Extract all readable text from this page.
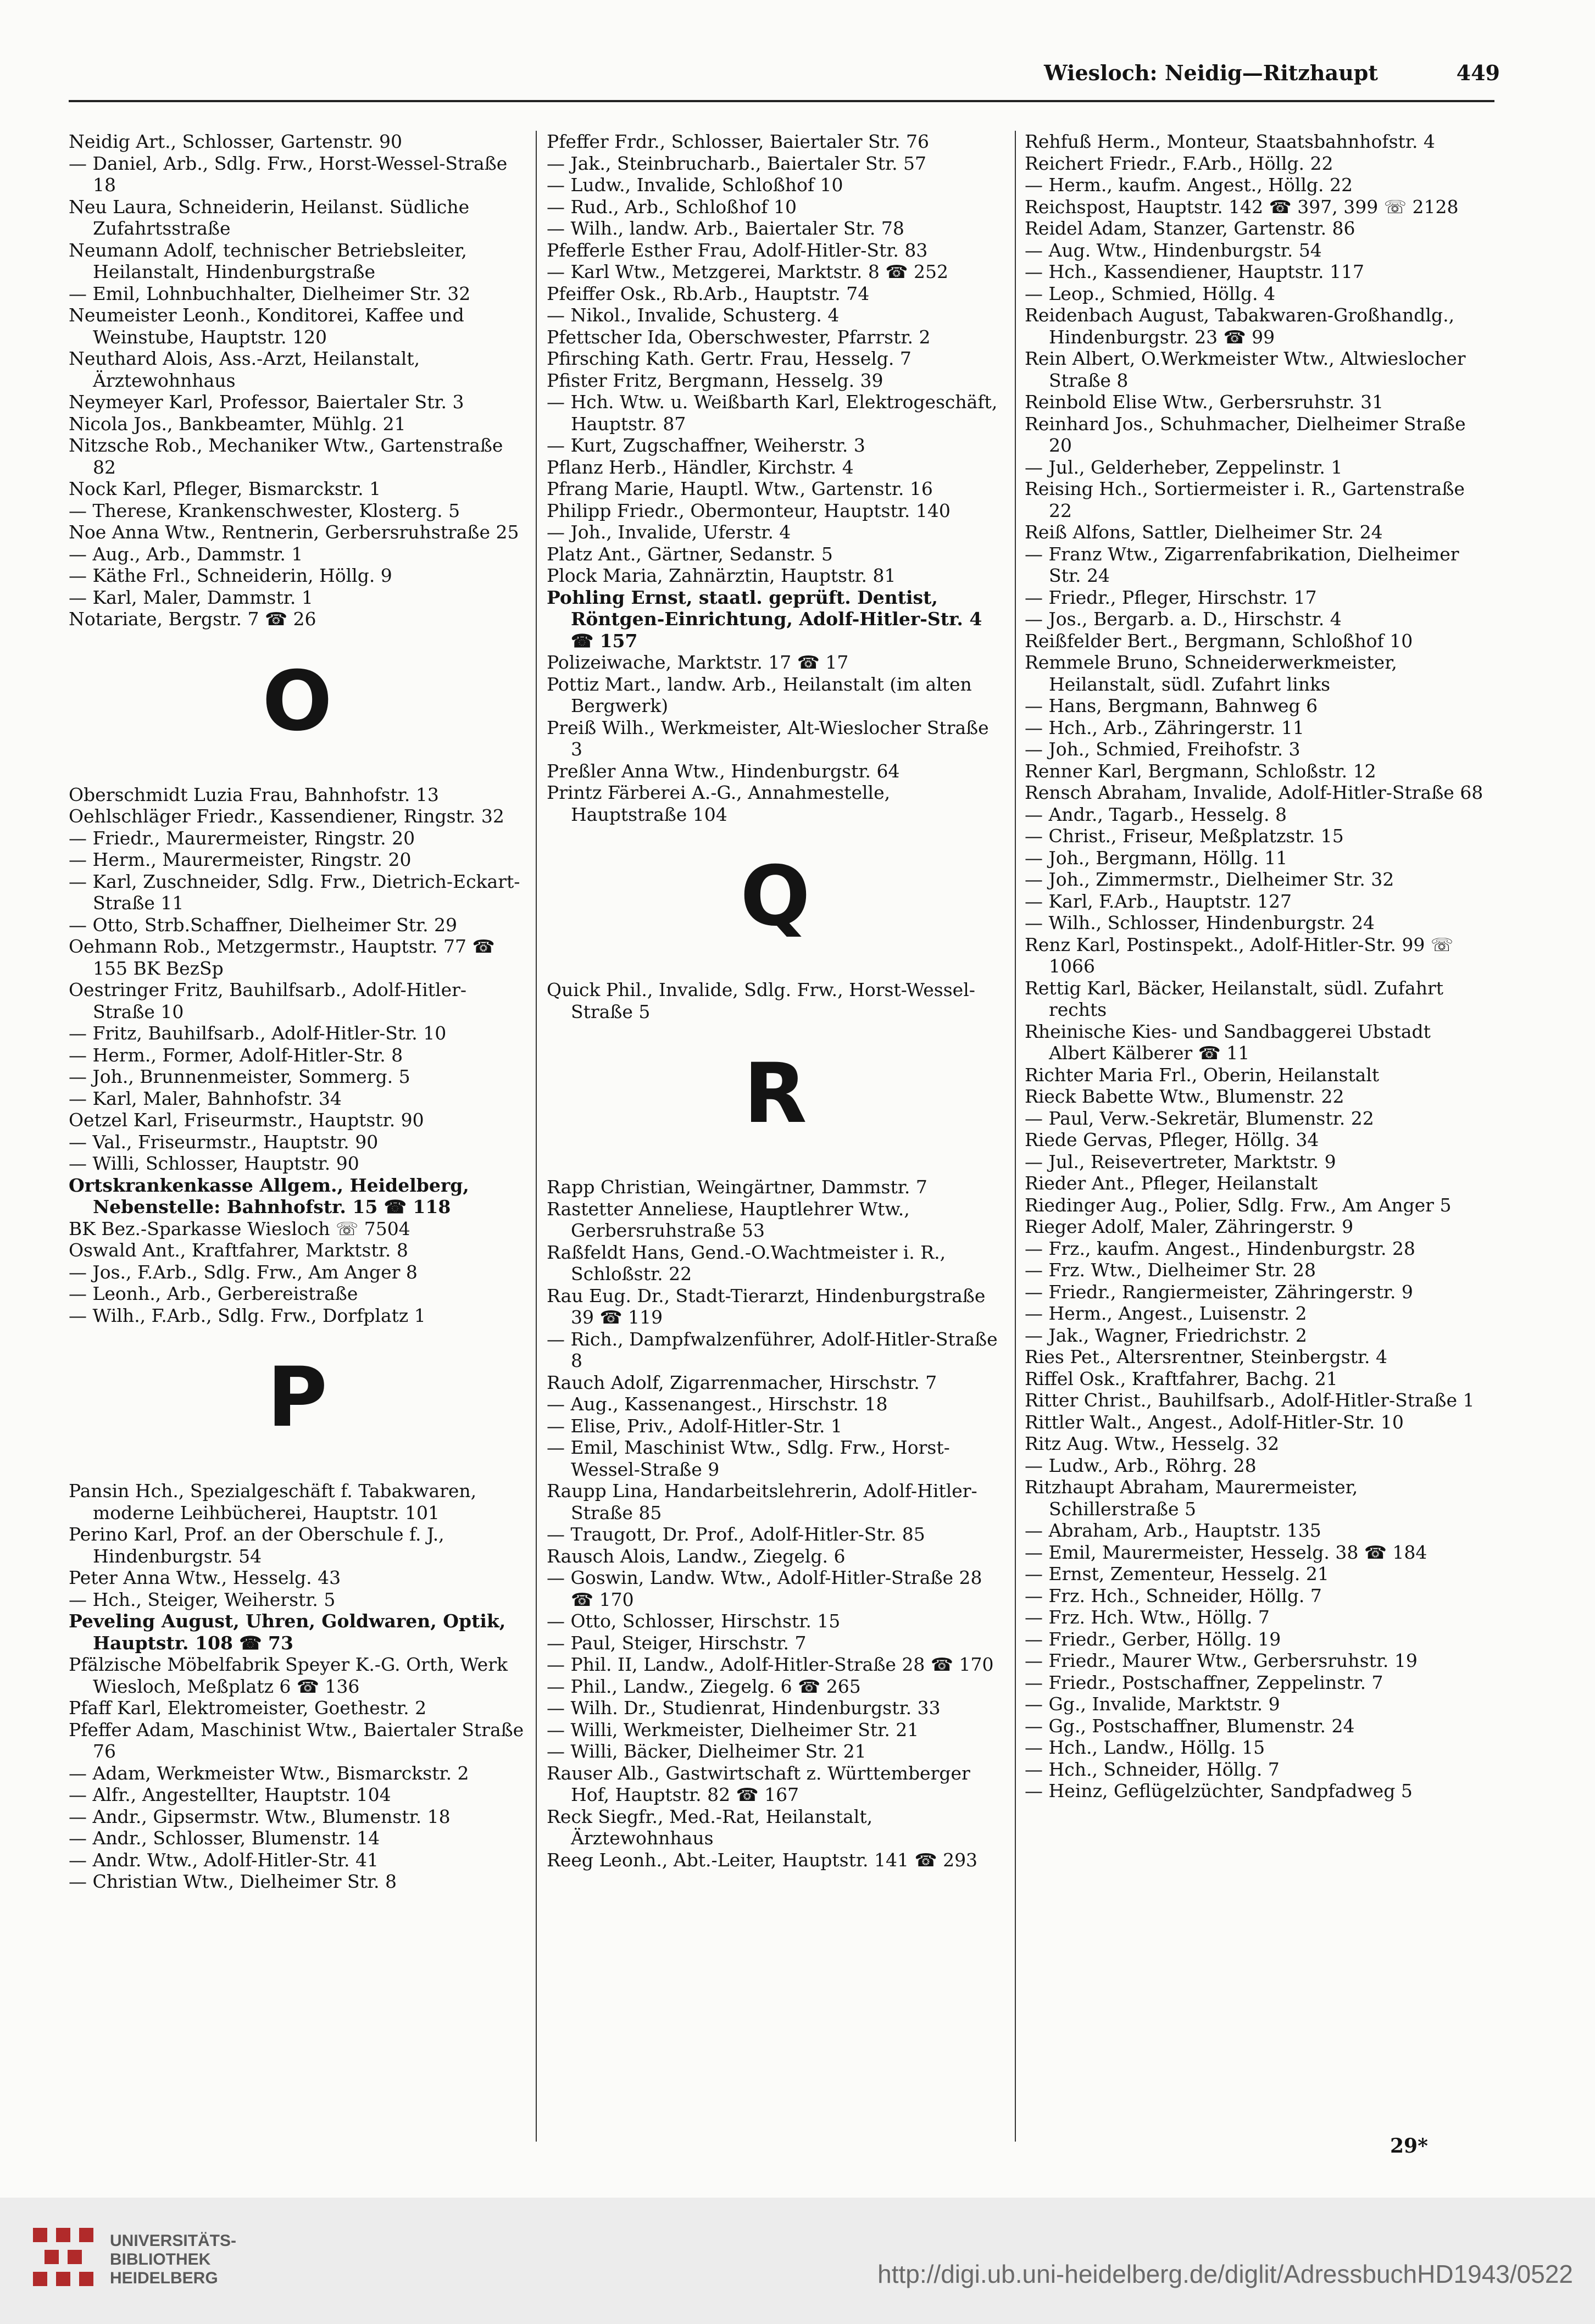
Wiesloch: Neidig—Ritzhaupt	449

Neidig Art., Schlosser, Gartenstr. 90

— Daniel, Arb., Sdlg. Frw., Horst-Wessel-Straße 18

Neu Laura, Schneiderin, Heilanst. Südliche Zufahrtsstraße

Neumann Adolf, technischer Betriebsleiter, Heilanstalt, Hindenburgstraße

— Emil, Lohnbuchhalter, Dielheimer Str. 32

Neumeister Leonh., Konditorei, Kaffee und Weinstube, Hauptstr. 120

Neuthard Alois, Ass.-Arzt, Heilanstalt, Ärztewohnhaus

Neymeyer Karl, Professor, Baiertaler Str. 3

Nicola Jos., Bankbeamter, Mühlg. 21

Nitzsche Rob., Mechaniker Wtw., Gartenstraße 82

Nock Karl, Pfleger, Bismarckstr. 1

— Therese, Krankenschwester, Klosterg. 5

Noe Anna Wtw., Rentnerin, Gerbersruhstraße 25

— Aug., Arb., Dammstr. 1

— Käthe Frl., Schneiderin, Höllg. 9

— Karl, Maler, Dammstr. 1

Notariate, Bergstr. 7 ☎ 26

O

Oberschmidt Luzia Frau, Bahnhofstr. 13

Oehlschläger Friedr., Kassendiener, Ringstr. 32

— Friedr., Maurermeister, Ringstr. 20

— Herm., Maurermeister, Ringstr. 20

— Karl, Zuschneider, Sdlg. Frw., Dietrich-Eckart-Straße 11

— Otto, Strb.Schaffner, Dielheimer Str. 29

Oehmann Rob., Metzgermstr., Hauptstr. 77 ☎ 155 BK BezSp

Oestringer Fritz, Bauhilfsarb., Adolf-Hitler-Straße 10

— Fritz, Bauhilfsarb., Adolf-Hitler-Str. 10

— Herm., Former, Adolf-Hitler-Str. 8

— Joh., Brunnenmeister, Sommerg. 5

— Karl, Maler, Bahnhofstr. 34

Oetzel Karl, Friseurmstr., Hauptstr. 90

— Val., Friseurmstr., Hauptstr. 90

— Willi, Schlosser, Hauptstr. 90

Ortskrankenkasse Allgem., Heidelberg, Nebenstelle: Bahnhofstr. 15 ☎ 118

BK Bez.-Sparkasse Wiesloch ☏ 7504

Oswald Ant., Kraftfahrer, Marktstr. 8

— Jos., F.Arb., Sdlg. Frw., Am Anger 8

— Leonh., Arb., Gerbereistraße

— Wilh., F.Arb., Sdlg. Frw., Dorfplatz 1

P

Pansin Hch., Spezialgeschäft f. Tabakwaren, moderne Leihbücherei, Hauptstr. 101

Perino Karl, Prof. an der Oberschule f. J., Hindenburgstr. 54

Peter Anna Wtw., Hesselg. 43

— Hch., Steiger, Weiherstr. 5

Peveling August, Uhren, Goldwaren, Optik, Hauptstr. 108 ☎ 73

Pfälzische Möbelfabrik Speyer K.-G. Orth, Werk Wiesloch, Meßplatz 6 ☎ 136

Pfaff Karl, Elektromeister, Goethestr. 2

Pfeffer Adam, Maschinist Wtw., Baiertaler Straße 76

— Adam, Werkmeister Wtw., Bismarckstr. 2

— Alfr., Angestellter, Hauptstr. 104

— Andr., Gipsermstr. Wtw., Blumenstr. 18

— Andr., Schlosser, Blumenstr. 14

— Andr. Wtw., Adolf-Hitler-Str. 41

— Christian Wtw., Dielheimer Str. 8

Pfeffer Frdr., Schlosser, Baiertaler Str. 76

— Jak., Steinbrucharb., Baiertaler Str. 57

— Ludw., Invalide, Schloßhof 10

— Rud., Arb., Schloßhof 10

— Wilh., landw. Arb., Baiertaler Str. 78

Pfefferle Esther Frau, Adolf-Hitler-Str. 83

— Karl Wtw., Metzgerei, Marktstr. 8 ☎ 252

Pfeiffer Osk., Rb.Arb., Hauptstr. 74

— Nikol., Invalide, Schusterg. 4

Pfettscher Ida, Oberschwester, Pfarrstr. 2

Pfirsching Kath. Gertr. Frau, Hesselg. 7

Pfister Fritz, Bergmann, Hesselg. 39

— Hch. Wtw. u. Weißbarth Karl, Elektrogeschäft, Hauptstr. 87

— Kurt, Zugschaffner, Weiherstr. 3

Pflanz Herb., Händler, Kirchstr. 4

Pfrang Marie, Hauptl. Wtw., Gartenstr. 16

Philipp Friedr., Obermonteur, Hauptstr. 140

— Joh., Invalide, Uferstr. 4

Platz Ant., Gärtner, Sedanstr. 5

Plock Maria, Zahnärztin, Hauptstr. 81

Pohling Ernst, staatl. geprüft. Dentist, Röntgen-Einrichtung, Adolf-Hitler-Str. 4 ☎ 157

Polizeiwache, Marktstr. 17 ☎ 17

Pottiz Mart., landw. Arb., Heilanstalt (im alten Bergwerk)

Preiß Wilh., Werkmeister, Alt-Wieslocher Straße 3

Preßler Anna Wtw., Hindenburgstr. 64

Printz Färberei A.-G., Annahmestelle, Hauptstraße 104

Q

Quick Phil., Invalide, Sdlg. Frw., Horst-Wessel-Straße 5

R

Rapp Christian, Weingärtner, Dammstr. 7

Rastetter Anneliese, Hauptlehrer Wtw., Gerbersruhstraße 53

Raßfeldt Hans, Gend.-O.Wachtmeister i. R., Schloßstr. 22

Rau Eug. Dr., Stadt-Tierarzt, Hindenburgstraße 39 ☎ 119

— Rich., Dampfwalzenführer, Adolf-Hitler-Straße 8

Rauch Adolf, Zigarrenmacher, Hirschstr. 7

— Aug., Kassenangest., Hirschstr. 18

— Elise, Priv., Adolf-Hitler-Str. 1

— Emil, Maschinist Wtw., Sdlg. Frw., Horst-Wessel-Straße 9

Raupp Lina, Handarbeitslehrerin, Adolf-Hitler-Straße 85

— Traugott, Dr. Prof., Adolf-Hitler-Str. 85

Rausch Alois, Landw., Ziegelg. 6

— Goswin, Landw. Wtw., Adolf-Hitler-Straße 28 ☎ 170

— Otto, Schlosser, Hirschstr. 15

— Paul, Steiger, Hirschstr. 7

— Phil. II, Landw., Adolf-Hitler-Straße 28 ☎ 170

— Phil., Landw., Ziegelg. 6 ☎ 265

— Wilh. Dr., Studienrat, Hindenburgstr. 33

— Willi, Werkmeister, Dielheimer Str. 21

— Willi, Bäcker, Dielheimer Str. 21

Rauser Alb., Gastwirtschaft z. Württemberger Hof, Hauptstr. 82 ☎ 167

Reck Siegfr., Med.-Rat, Heilanstalt, Ärztewohnhaus

Reeg Leonh., Abt.-Leiter, Hauptstr. 141 ☎ 293

Rehfuß Herm., Monteur, Staatsbahnhofstr. 4

Reichert Friedr., F.Arb., Höllg. 22

— Herm., kaufm. Angest., Höllg. 22

Reichspost, Hauptstr. 142 ☎ 397, 399 ☏ 2128

Reidel Adam, Stanzer, Gartenstr. 86

— Aug. Wtw., Hindenburgstr. 54

— Hch., Kassendiener, Hauptstr. 117

— Leop., Schmied, Höllg. 4

Reidenbach August, Tabakwaren-Großhandlg., Hindenburgstr. 23 ☎ 99

Rein Albert, O.Werkmeister Wtw., Altwieslocher Straße 8

Reinbold Elise Wtw., Gerbersruhstr. 31

Reinhard Jos., Schuhmacher, Dielheimer Straße 20

— Jul., Gelderheber, Zeppelinstr. 1

Reising Hch., Sortiermeister i. R., Gartenstraße 22

Reiß Alfons, Sattler, Dielheimer Str. 24

— Franz Wtw., Zigarrenfabrikation, Dielheimer Str. 24

— Friedr., Pfleger, Hirschstr. 17

— Jos., Bergarb. a. D., Hirschstr. 4

Reißfelder Bert., Bergmann, Schloßhof 10

Remmele Bruno, Schneiderwerkmeister, Heilanstalt, südl. Zufahrt links

— Hans, Bergmann, Bahnweg 6

— Hch., Arb., Zähringerstr. 11

— Joh., Schmied, Freihofstr. 3

Renner Karl, Bergmann, Schloßstr. 12

Rensch Abraham, Invalide, Adolf-Hitler-Straße 68

— Andr., Tagarb., Hesselg. 8

— Christ., Friseur, Meßplatzstr. 15

— Joh., Bergmann, Höllg. 11

— Joh., Zimmermstr., Dielheimer Str. 32

— Karl, F.Arb., Hauptstr. 127

— Wilh., Schlosser, Hindenburgstr. 24

Renz Karl, Postinspekt., Adolf-Hitler-Str. 99 ☏ 1066

Rettig Karl, Bäcker, Heilanstalt, südl. Zufahrt rechts

Rheinische Kies- und Sandbaggerei Ubstadt Albert Kälberer ☎ 11

Richter Maria Frl., Oberin, Heilanstalt

Rieck Babette Wtw., Blumenstr. 22

— Paul, Verw.-Sekretär, Blumenstr. 22

Riede Gervas, Pfleger, Höllg. 34

— Jul., Reisevertreter, Marktstr. 9

Rieder Ant., Pfleger, Heilanstalt

Riedinger Aug., Polier, Sdlg. Frw., Am Anger 5

Rieger Adolf, Maler, Zähringerstr. 9

— Frz., kaufm. Angest., Hindenburgstr. 28

— Frz. Wtw., Dielheimer Str. 28

— Friedr., Rangiermeister, Zähringerstr. 9

— Herm., Angest., Luisenstr. 2

— Jak., Wagner, Friedrichstr. 2

Ries Pet., Altersrentner, Steinbergstr. 4

Riffel Osk., Kraftfahrer, Bachg. 21

Ritter Christ., Bauhilfsarb., Adolf-Hitler-Straße 1

Rittler Walt., Angest., Adolf-Hitler-Str. 10

Ritz Aug. Wtw., Hesselg. 32

— Ludw., Arb., Röhrg. 28

Ritzhaupt Abraham, Maurermeister, Schillerstraße 5

— Abraham, Arb., Hauptstr. 135

— Emil, Maurermeister, Hesselg. 38 ☎ 184

— Ernst, Zementeur, Hesselg. 21

— Frz. Hch., Schneider, Höllg. 7

— Frz. Hch. Wtw., Höllg. 7

— Friedr., Gerber, Höllg. 19

— Friedr., Maurer Wtw., Gerbersruhstr. 19

— Friedr., Postschaffner, Zeppelinstr. 7

— Gg., Invalide, Marktstr. 9

— Gg., Postschaffner, Blumenstr. 24

— Hch., Landw., Höllg. 15

— Hch., Schneider, Höllg. 7

— Heinz, Geflügelzüchter, Sandpfadweg 5

29*
UNIVERSITÄTS-
BIBLIOTHEK
HEIDELBERG	http://digi.ub.uni-heidelberg.de/diglit/AdressbuchHD1943/0522
